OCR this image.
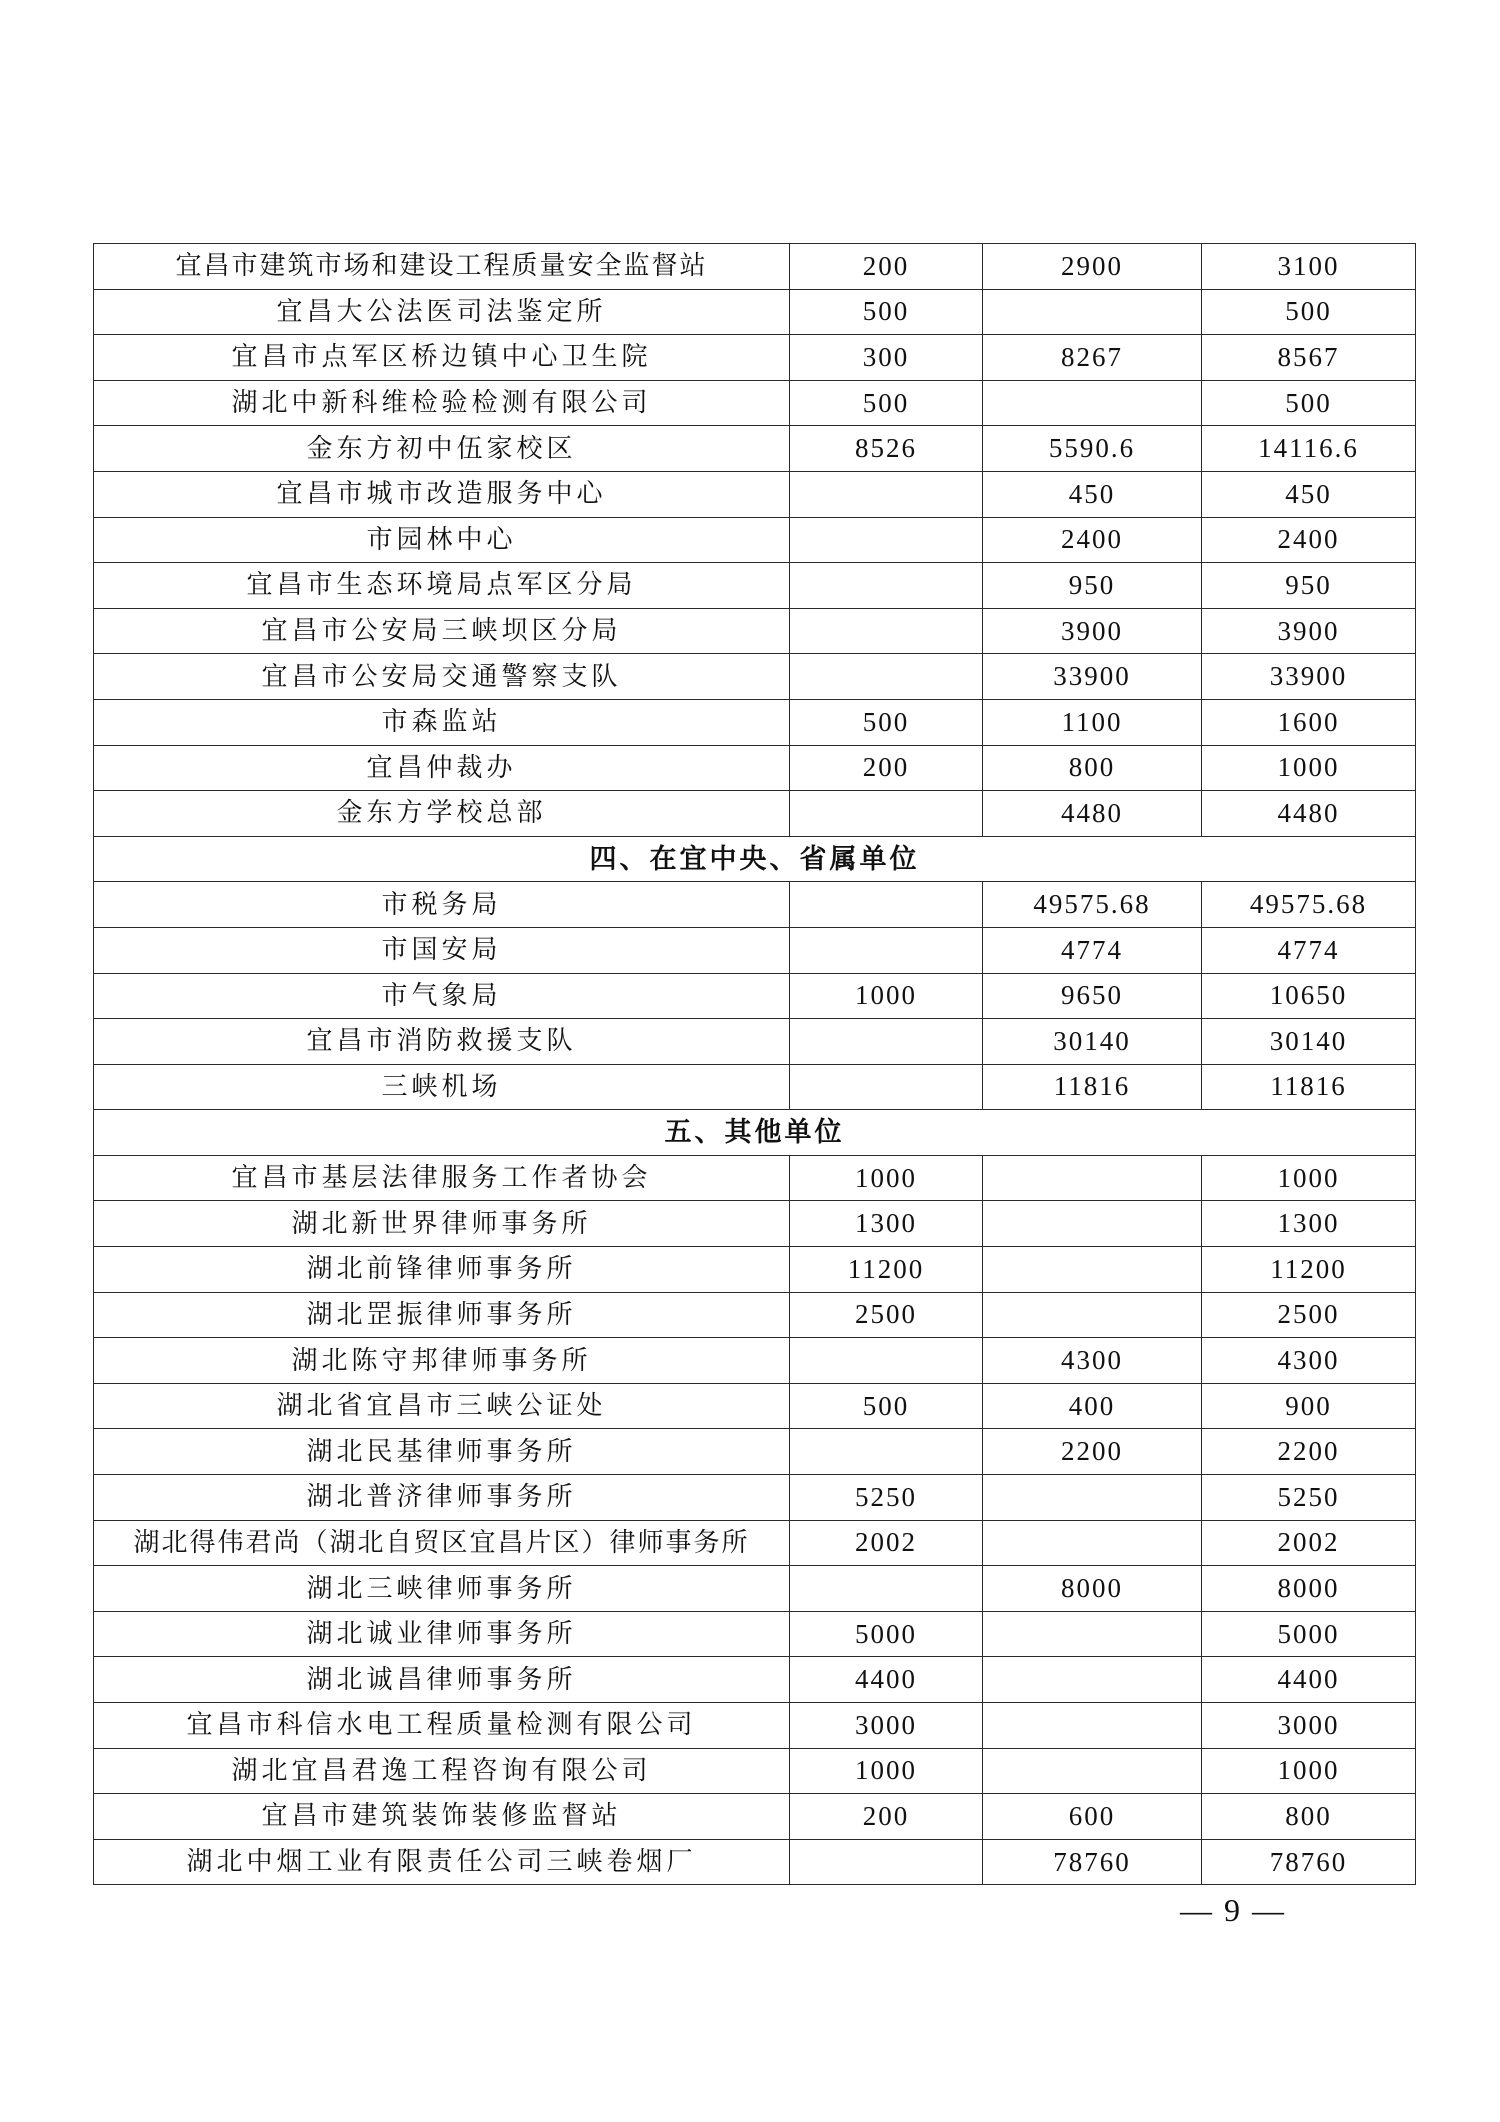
宜昌市建筑市场和建设工程质量安全监督站	200	2900	3100
宜昌大公法医司法鉴定所	500		500
宜昌市点军区桥边镇中心卫生院	300	8267	8567
湖北中新科维检验检测有限公司	500		500
金东方初中伍家校区	8526	5590.6	14116.6
宜昌市城市改造服务中心		450	450
市园林中心		2400	2400
宜昌市生态环境局点军区分局		950	950
宜昌市公安局三峡坝区分局		3900	3900
宜昌市公安局交通警察支队		33900	33900
市森监站	500	1100	1600
宜昌仲裁办	200	800	1000
金东方学校总部		4480	4480
四、在宜中央、省属单位			
市税务局		49575.68	49575.68
市国安局		4774	4774
市气象局	1000	9650	10650
宜昌市消防救援支队		30140	30140
三峡机场		11816	11816
五、其他单位			
宜昌市基层法律服务工作者协会	1000		1000
湖北新世界律师事务所	1300		1300
湖北前锋律师事务所	11200		11200
湖北罡振律师事务所	2500		2500
湖北陈守邦律师事务所		4300	4300
湖北省宜昌市三峡公证处	500	400	900
湖北民基律师事务所		2200	2200
湖北普济律师事务所	5250		5250
湖北得伟君尚（湖北自贸区宜昌片区）律师事务所	2002		2002
湖北三峡律师事务所		8000	8000
湖北诚业律师事务所	5000		5000
湖北诚昌律师事务所	4400		4400
宜昌市科信水电工程质量检测有限公司	3000		3000
湖北宜昌君逸工程咨询有限公司	1000		1000
宜昌市建筑装饰装修监督站	200	600	800
湖北中烟工业有限责任公司三峡卷烟厂		78760	78760
— 9 —
